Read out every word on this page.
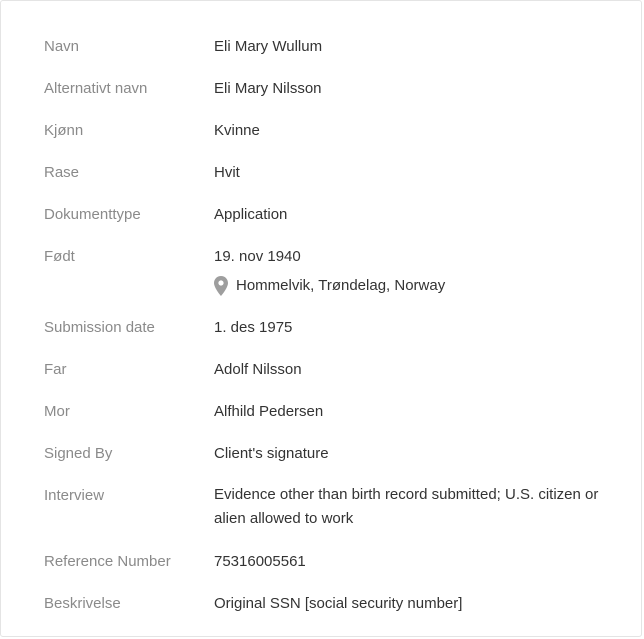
Navn	Eli Mary Wullum
Alternativt navn	Eli Mary Nilsson
Kjønn	Kvinne
Rase	Hvit
Dokumenttype	Application
Født	19. nov 1940
Hommelvik, Trøndelag, Norway
Submission date	1. des 1975
Far	Adolf Nilsson
Mor	Alfhild Pedersen
Signed By	Client's signature
Interview	Evidence other than birth record submitted; U.S. citizen or alien allowed to work
Reference Number	75316005561
Beskrivelse	Original SSN [social security number]
